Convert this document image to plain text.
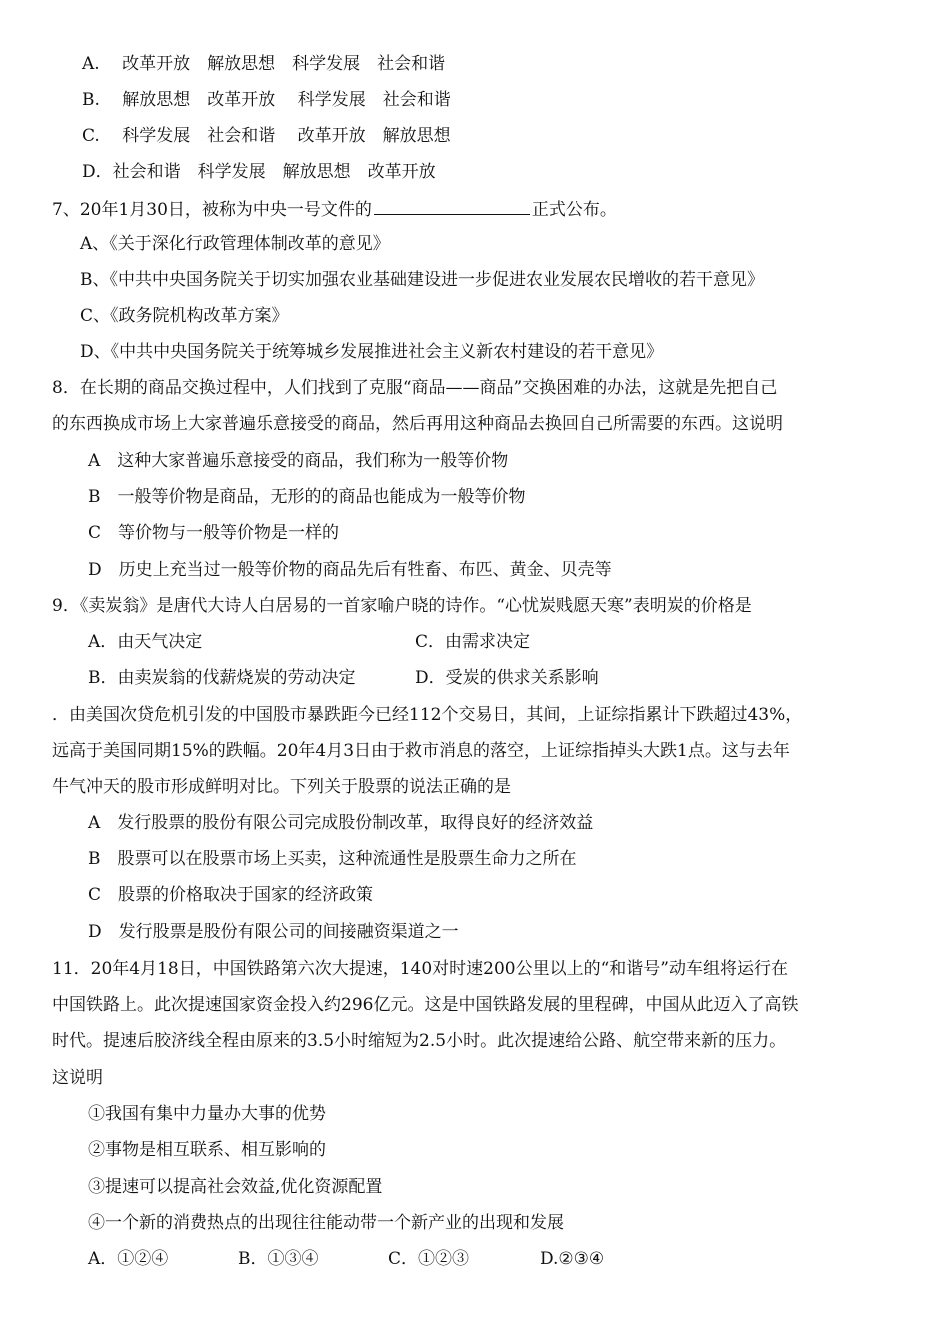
A.　 改革开放　解放思想　科学发展　社会和谐
B.　 解放思想　改革开放 　科学发展　社会和谐
C.　 科学发展　社会和谐 　改革开放　解放思想
D．社会和谐　科学发展　解放思想　改革开放
7、20年1月30日，被称为中央一号文件的	正式公布。
A、《关于深化行政管理体制改革的意见》
B、《中共中央国务院关于切实加强农业基础建设进一步促进农业发展农民增收的若干意见》
C、《政务院机构改革方案》
D、《中共中央国务院关于统筹城乡发展推进社会主义新农村建设的若干意见》
8．在长期的商品交换过程中，人们找到了克服“商品——商品”交换困难的办法，这就是先把自己
的东西换成市场上大家普遍乐意接受的商品，然后再用这种商品去换回自己所需要的东西。这说明
A　这种大家普遍乐意接受的商品，我们称为一般等价物
B　一般等价物是商品，无形的的商品也能成为一般等价物
C　等价物与一般等价物是一样的
D　历史上充当过一般等价物的商品先后有牲畜、布匹、黄金、贝壳等
9．《卖炭翁》是唐代大诗人白居易的一首家喻户晓的诗作。“心忧炭贱愿天寒”表明炭的价格是
A．由天气决定	C．由需求决定
B．由卖炭翁的伐薪烧炭的劳动决定	D．受炭的供求关系影响
．由美国次贷危机引发的中国股市暴跌距今已经112个交易日，其间，上证综指累计下跌超过43%，
远高于美国同期15%的跌幅。20年4月3日由于救市消息的落空，上证综指掉头大跌1点。这与去年
牛气冲天的股市形成鲜明对比。下列关于股票的说法正确的是
A　发行股票的股份有限公司完成股份制改革，取得良好的经济效益
B　股票可以在股票市场上买卖，这种流通性是股票生命力之所在
C　股票的价格取决于国家的经济政策
D　发行股票是股份有限公司的间接融资渠道之一
11．20年4月18日，中国铁路第六次大提速，140对时速200公里以上的“和谐号”动车组将运行在
中国铁路上。此次提速国家资金投入约296亿元。这是中国铁路发展的里程碑，中国从此迈入了高铁
时代。提速后胶济线全程由原来的3.5小时缩短为2.5小时。此次提速给公路、航空带来新的压力。
这说明
①我国有集中力量办大事的优势
②事物是相互联系、相互影响的
③提速可以提高社会效益,优化资源配置
④一个新的消费热点的出现往往能动带一个新产业的出现和发展
A．①②④	B．①③④	C．①②③	D.②③④
